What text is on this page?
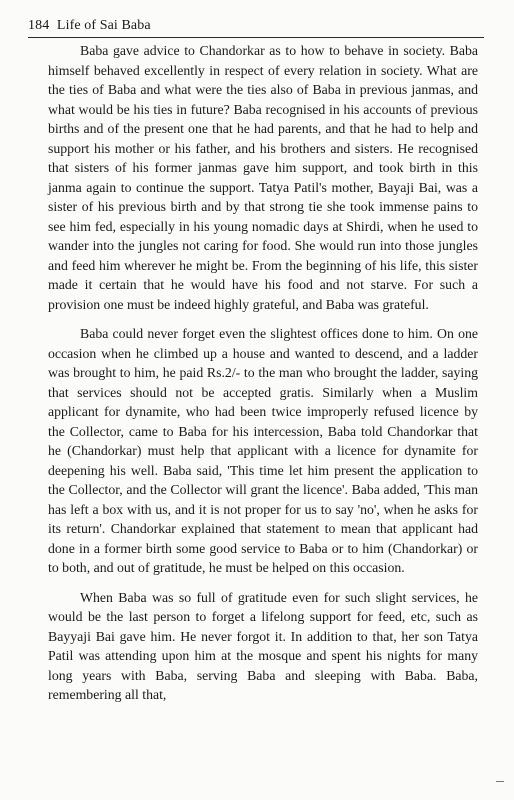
184 Life of Sai Baba

Baba gave advice to Chandorkar as to how to behave in society. Baba himself behaved excellently in respect of every relation in society. What are the ties of Baba and what were the ties also of Baba in previous janmas, and what would be his ties in future? Baba recognised in his accounts of previous births and of the present one that he had parents, and that he had to help and support his mother or his father, and his brothers and sisters. He recognised that sisters of his former janmas gave him support, and took birth in this janma again to continue the support. Tatya Patil's mother, Bayaji Bai, was a sister of his previous birth and by that strong tie she took immense pains to see him fed, especially in his young nomadic days at Shirdi, when he used to wander into the jungles not caring for food. She would run into those jungles and feed him wherever he might be. From the beginning of his life, this sister made it certain that he would have his food and not starve. For such a provision one must be indeed highly grateful, and Baba was grateful.

Baba could never forget even the slightest offices done to him. On one occasion when he climbed up a house and wanted to descend, and a ladder was brought to him, he paid Rs.2/- to the man who brought the ladder, saying that services should not be accepted gratis. Similarly when a Muslim applicant for dynamite, who had been twice improperly refused licence by the Collector, came to Baba for his intercession, Baba told Chandorkar that he (Chandorkar) must help that applicant with a licence for dynamite for deepening his well. Baba said, 'This time let him present the application to the Collector, and the Collector will grant the licence'. Baba added, 'This man has left a box with us, and it is not proper for us to say 'no', when he asks for its return'. Chandorkar explained that statement to mean that applicant had done in a former birth some good service to Baba or to him (Chandorkar) or to both, and out of gratitude, he must be helped on this occasion.

When Baba was so full of gratitude even for such slight services, he would be the last person to forget a lifelong support for feed, etc, such as Bayyaji Bai gave him. He never forgot it. In addition to that, her son Tatya Patil was attending upon him at the mosque and spent his nights for many long years with Baba, serving Baba and sleeping with Baba. Baba, remembering all that,
